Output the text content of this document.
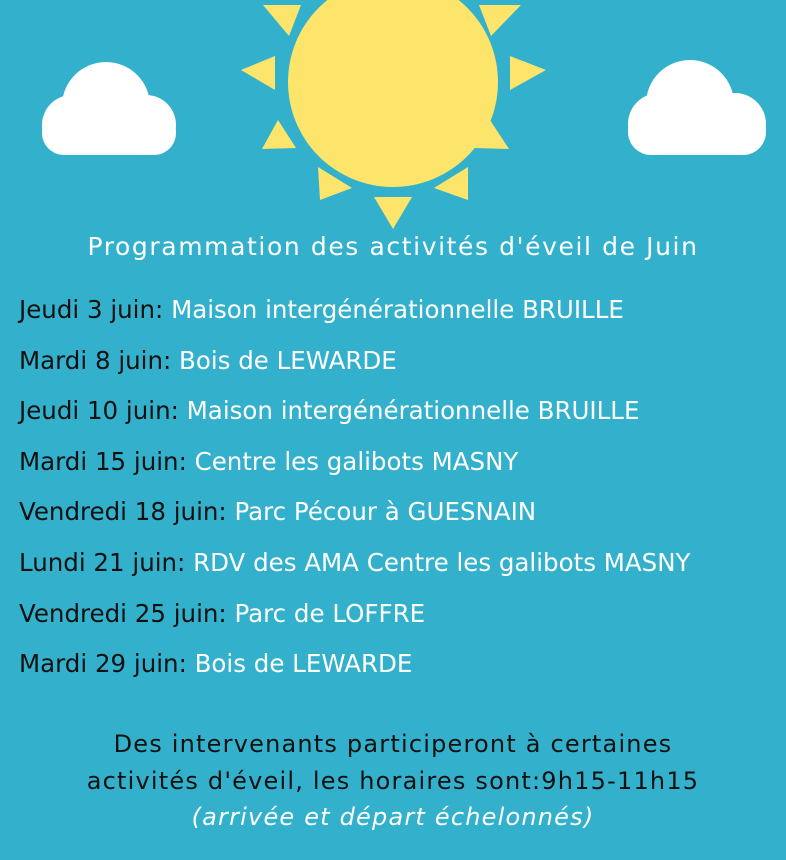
Programmation des activités d'éveil de Juin
Jeudi 3 juin: Maison intergénérationnelle BRUILLE
Mardi 8 juin: Bois de LEWARDE
Jeudi 10 juin: Maison intergénérationnelle BRUILLE
Mardi 15 juin: Centre les galibots MASNY
Vendredi 18 juin: Parc Pécour à GUESNAIN
Lundi 21 juin: RDV des AMA Centre les galibots MASNY
Vendredi 25 juin: Parc de LOFFRE
Mardi 29 juin: Bois de LEWARDE
Des intervenants participeront à certaines
activités d'éveil, les horaires sont:9h15-11h15
(arrivée et départ échelonnés)
